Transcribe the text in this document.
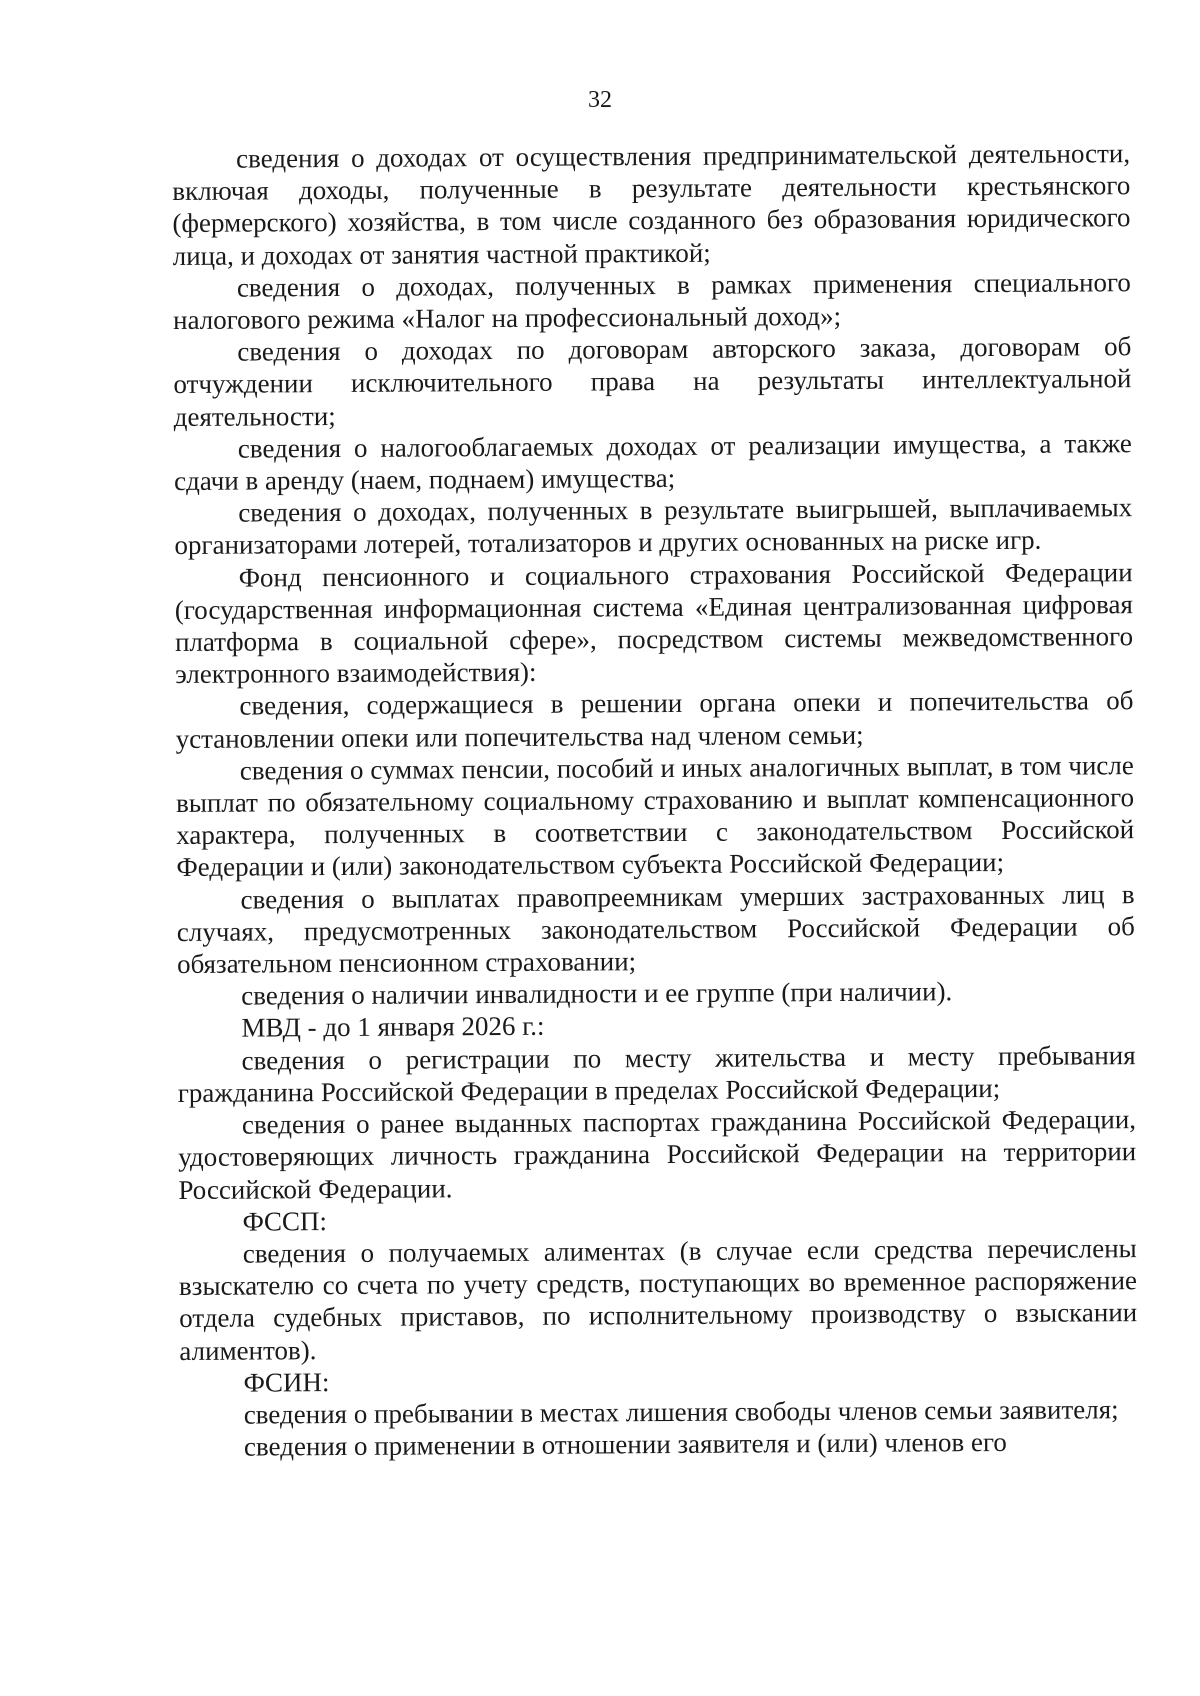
32

сведения о доходах от осуществления предпринимательской деятельности, включая доходы, полученные в результате деятельности крестьянского (фермерского) хозяйства, в том числе созданного без образования юридического лица, и доходах от занятия частной практикой;

сведения о доходах, полученных в рамках применения специального налогового режима «Налог на профессиональный доход»;

сведения о доходах по договорам авторского заказа, договорам об отчуждении исключительного права на результаты интеллектуальной деятельности;

сведения о налогооблагаемых доходах от реализации имущества, а также сдачи в аренду (наем, поднаем) имущества;

сведения о доходах, полученных в результате выигрышей, выплачиваемых организаторами лотерей, тотализаторов и других основанных на риске игр.

Фонд пенсионного и социального страхования Российской Федерации (государственная информационная система «Единая централизованная цифровая платформа в социальной сфере», посредством системы межведомственного электронного взаимодействия):

сведения, содержащиеся в решении органа опеки и попечительства об установлении опеки или попечительства над членом семьи;

сведения о суммах пенсии, пособий и иных аналогичных выплат, в том числе выплат по обязательному социальному страхованию и выплат компенсационного характера, полученных в соответствии с законодательством Российской Федерации и (или) законодательством субъекта Российской Федерации;

сведения о выплатах правопреемникам умерших застрахованных лиц в случаях, предусмотренных законодательством Российской Федерации об обязательном пенсионном страховании;

сведения о наличии инвалидности и ее группе (при наличии).

МВД - до 1 января 2026 г.:

сведения о регистрации по месту жительства и месту пребывания гражданина Российской Федерации в пределах Российской Федерации;

сведения о ранее выданных паспортах гражданина Российской Федерации, удостоверяющих личность гражданина Российской Федерации на территории Российской Федерации.

ФССП:

сведения о получаемых алиментах (в случае если средства перечислены взыскателю со счета по учету средств, поступающих во временное распоряжение отдела судебных приставов, по исполнительному производству о взыскании алиментов).

ФСИН:

сведения о пребывании в местах лишения свободы членов семьи заявителя;

сведения о применении в отношении заявителя и (или) членов его
